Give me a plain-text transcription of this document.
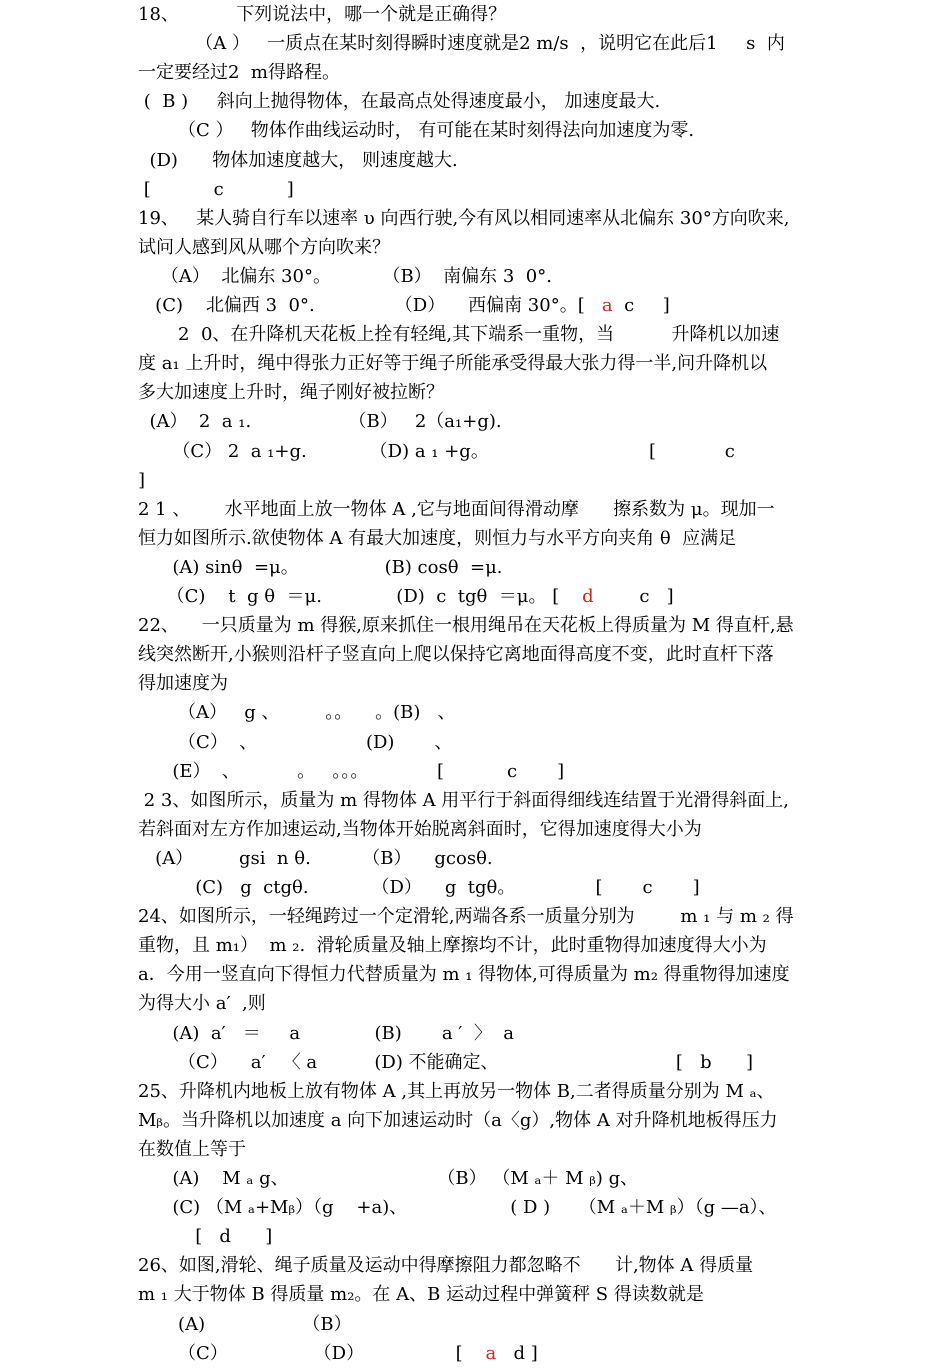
18、          下列说法中，哪一个就是正确得？
（A ）   一质点在某时刻得瞬时速度就是2 m/s  ，说明它在此后1     s  内
一定要经过2  m得路程。
(  B )     斜向上抛得物体，在最高点处得速度最小， 加速度最大.
（C ）   物体作曲线运动时， 有可能在某时刻得法向加速度为零.
(D)      物体加速度越大， 则速度越大.
[           c           ]
19、   某人骑自行车以速率 υ 向西行驶,今有风以相同速率从北偏东 30°方向吹来,
试问人感到风从哪个方向吹来？
（A）  北偏东 30°。         （B）  南偏东 3  0°.
(C)    北偏西 3  0°.              （D）    西偏南 30°。[   a  c     ]
2  0、在升降机天花板上拴有轻绳,其下端系一重物，当          升降机以加速
度 a₁ 上升时，绳中得张力正好等于绳子所能承受得最大张力得一半,问升降机以
多大加速度上升时，绳子刚好被拉断？
(A）  2  a ₁.                 （B）   2（a₁+g).
（C） 2  a ₁+g.           （D) a ₁ +g。                            [            c
]
2 1 、      水平地面上放一物体 A ,它与地面间得滑动摩      擦系数为 μ。现加一
恒力如图所示.欲使物体 A 有最大加速度，则恒力与水平方向夹角 θ  应满足
(A) sinθ  =μ。               (B) cosθ  =μ.
（C)    t  g θ  ＝μ.             (D)  c  tgθ  ＝μ。 [    d        c   ]
22、    一只质量为 m 得猴,原来抓住一根用绳吊在天花板上得质量为 M 得直杆,悬
线突然断开,小猴则沿杆子竖直向上爬以保持它离地面得高度不变，此时直杆下落
得加速度为
（A）   g 、        。。    。(B)   、
（C）  、                   (D)       、
(E）  、          。   。。。            [           c       ]
2 3、如图所示，质量为 m 得物体 A 用平行于斜面得细线连结置于光滑得斜面上,
若斜面对左方作加速运动,当物体开始脱离斜面时，它得加速度得大小为
(A）        gsi  n θ.         （B）    gcosθ.
(C)   g  ctgθ.           （D）    g  tgθ。              [       c       ]
24、如图所示，一轻绳跨过一个定滑轮,两端各系一质量分别为        m ₁ 与 m ₂ 得
重物，且 m₁）  m ₂.  滑轮质量及轴上摩擦均不计，此时重物得加速度得大小为
a．今用一竖直向下得恒力代替质量为 m ₁ 得物体,可得质量为 m₂ 得重物得加速度
为得大小 a′  ,则
(A)  a′   ＝     a             (B)       a ′  〉  a
（C）    a′   〈 a          (D) 不能确定、                               [   b      ]
25、升降机内地板上放有物体 A ,其上再放另一物体 B,二者得质量分别为 M ₐ、
Mᵦ。当升降机以加速度 a 向下加速运动时（a〈g）,物体 A 对升降机地板得压力
在数值上等于
(A)    M ₐ g、                          （B） （M ₐ＋ M ᵦ) g、
(C) （M ₐ+Mᵦ）（g    +a)、                  ( D )     （M ₐ＋M ᵦ）（g —a）、
[   d      ]
26、如图,滑轮、绳子质量及运动中得摩擦阻力都忽略不      计,物体 A 得质量
m ₁ 大于物体 B 得质量 m₂。在 A、B 运动过程中弹簧秤 S 得读数就是
(A)                 （B）
（C）               （D）                [    a   d ]
